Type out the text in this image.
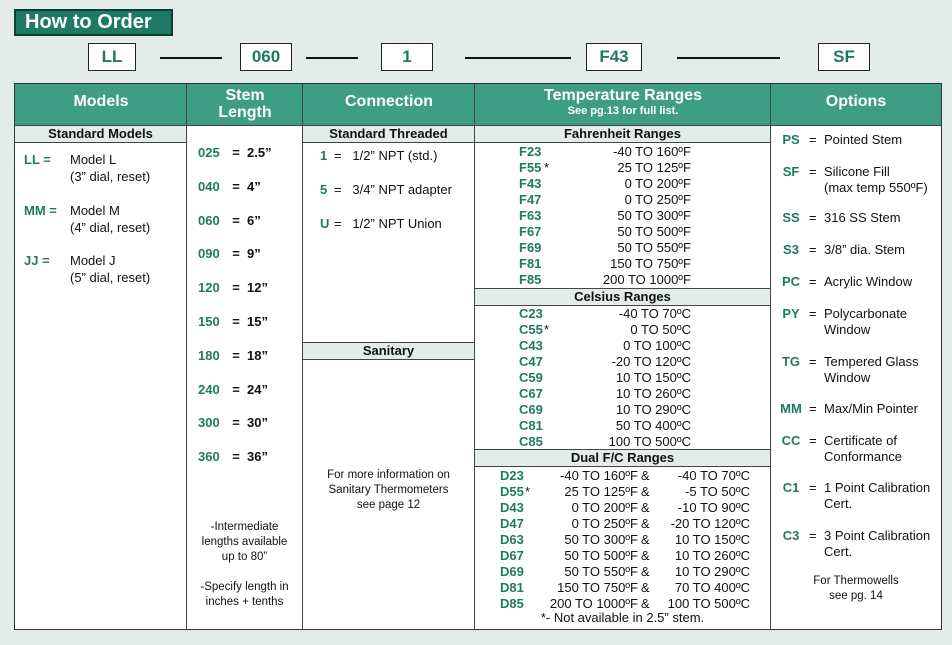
How to Order
LL	060	1	F43	SF
Models	Stem
Length
Connection	Temperature Ranges
See pg.13 for full list.
Options
Standard Models
LL = Model L
(3” dial, reset)
MM = Model M
(4” dial, reset)
JJ = Model J
(5” dial, reset)
025 = 2.5”
040 = 4”
060 = 6”
090 = 9”
120 = 12”
150 = 15”
180 = 18”
240 = 24”
300 = 30”
360 = 36”
-Intermediate
lengths available
up to 80”
-Specify length in
inches + tenths
Standard Threaded
1 =   1/2” NPT (std.)
5 =   3/4” NPT adapter
U =   1/2” NPT Union
Sanitary
For more information on
Sanitary Thermometers
see page 12
Fahrenheit Ranges
F23	-40 TO 160ºF
F55 *	25 TO 125ºF
F43	0 TO 200ºF
F47	0 TO 250ºF
F63	50 TO 300ºF
F67	50 TO 500ºF
F69	50 TO 550ºF
F81	150 TO 750ºF
F85	200 TO 1000ºF
Celsius Ranges
C23	-40 TO 70ºC
C55 *	0 TO 50ºC
C43	0 TO 100ºC
C47	-20 TO 120ºC
C59	10 TO 150ºC
C67	10 TO 260ºC
C69	10 TO 290ºC
C81	50 TO 400ºC
C85	100 TO 500ºC
Dual F/C Ranges
D23	-40 TO 160ºF &	-40 TO 70ºC
D55 *	25 TO 125ºF &	-5 TO 50ºC
D43	0 TO 200ºF &	-10 TO 90ºC
D47	0 TO 250ºF &	-20 TO 120ºC
D63	50 TO 300ºF &	10 TO 150ºC
D67	50 TO 500ºF &	10 TO 260ºC
D69	50 TO 550ºF &	10 TO 290ºC
D81	150 TO 750ºF &	70 TO 400ºC
D85	200 TO 1000ºF &	100 TO 500ºC
*- Not available in 2.5” stem.
PS = Pointed Stem
SF = Silicone Fill
(max temp 550ºF)
SS = 316 SS Stem
S3 = 3/8” dia. Stem
PC = Acrylic Window
PY = Polycarbonate
Window
TG = Tempered Glass
Window
MM = Max/Min Pointer
CC = Certificate of
Conformance
C1 = 1 Point Calibration
Cert.
C3 = 3 Point Calibration
Cert.
For Thermowells
see pg. 14
